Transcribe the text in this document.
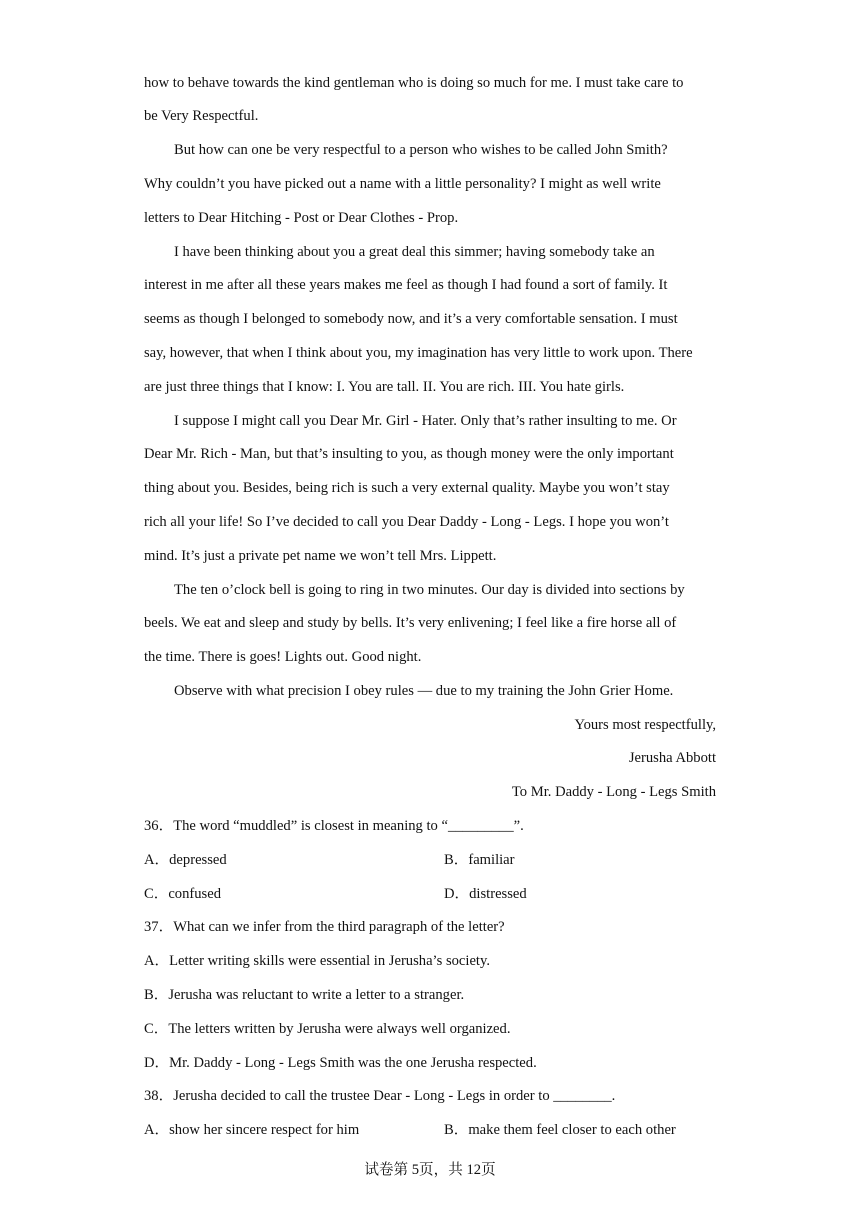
how to behave towards the kind gentleman who is doing so much for me. I must take care to
be Very Respectful.
But how can one be very respectful to a person who wishes to be called John Smith?
Why couldn’t you have picked out a name with a little personality? I might as well write
letters to Dear Hitching - Post or Dear Clothes - Prop.
I have been thinking about you a great deal this simmer; having somebody take an
interest in me after all these years makes me feel as though I had found a sort of family. It
seems as though I belonged to somebody now, and it’s a very comfortable sensation. I must
say, however, that when I think about you, my imagination has very little to work upon. There
are just three things that I know: I. You are tall. II. You are rich. III. You hate girls.
I suppose I might call you Dear Mr. Girl - Hater. Only that’s rather insulting to me. Or
Dear Mr. Rich - Man, but that’s insulting to you, as though money were the only important
thing about you. Besides, being rich is such a very external quality. Maybe you won’t stay
rich all your life! So I’ve decided to call you Dear Daddy - Long - Legs. I hope you won’t
mind. It’s just a private pet name we won’t tell Mrs. Lippett.
The ten o’clock bell is going to ring in two minutes. Our day is divided into sections by
beels. We eat and sleep and study by bells. It’s very enlivening; I feel like a fire horse all of
the time. There is goes! Lights out. Good night.
Observe with what precision I obey rules — due to my training the John Grier Home.
Yours most respectfully,
Jerusha Abbott
To Mr. Daddy - Long - Legs Smith
36．The word “muddled” is closest in meaning to “_________”.
A．depressed	B．familiar
C．confused	D．distressed
37．What can we infer from the third paragraph of the letter?
A．Letter writing skills were essential in Jerusha’s society.
B．Jerusha was reluctant to write a letter to a stranger.
C．The letters written by Jerusha were always well organized.
D．Mr. Daddy - Long - Legs Smith was the one Jerusha respected.
38．Jerusha decided to call the trustee Dear - Long - Legs in order to ________.
A．show her sincere respect for him	B．make them feel closer to each other
试卷第 5页，共 12页
